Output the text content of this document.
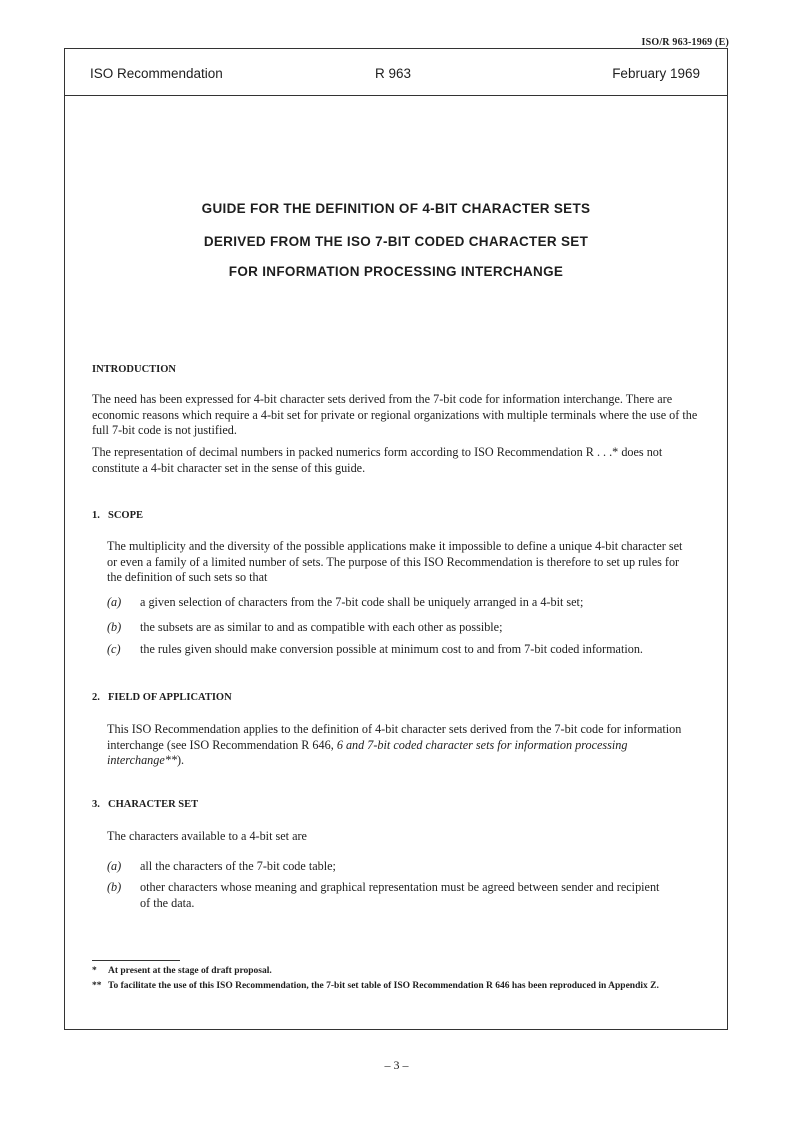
ISO/R 963-1969 (E)
ISO Recommendation	R 963	February 1969
GUIDE FOR THE DEFINITION OF 4-BIT CHARACTER SETS
DERIVED FROM THE ISO 7-BIT CODED CHARACTER SET
FOR INFORMATION PROCESSING INTERCHANGE
INTRODUCTION
The need has been expressed for 4-bit character sets derived from the 7-bit code for information interchange. There are economic reasons which require a 4-bit set for private or regional organizations with multiple terminals where the use of the full 7-bit code is not justified.
The representation of decimal numbers in packed numerics form according to ISO Recommendation R . . .* does not constitute a 4-bit character set in the sense of this guide.
1. SCOPE
The multiplicity and the diversity of the possible applications make it impossible to define a unique 4-bit character set or even a family of a limited number of sets. The purpose of this ISO Recommendation is therefore to set up rules for the definition of such sets so that
(a) a given selection of characters from the 7-bit code shall be uniquely arranged in a 4-bit set;
(b) the subsets are as similar to and as compatible with each other as possible;
(c) the rules given should make conversion possible at minimum cost to and from 7-bit coded information.
2. FIELD OF APPLICATION
This ISO Recommendation applies to the definition of 4-bit character sets derived from the 7-bit code for information interchange (see ISO Recommendation R 646, 6 and 7-bit coded character sets for information processing interchange**).
3. CHARACTER SET
The characters available to a 4-bit set are
(a) all the characters of the 7-bit code table;
(b) other characters whose meaning and graphical representation must be agreed between sender and recipient of the data.
* At present at the stage of draft proposal.
** To facilitate the use of this ISO Recommendation, the 7-bit set table of ISO Recommendation R 646 has been reproduced in Appendix Z.
– 3 –
